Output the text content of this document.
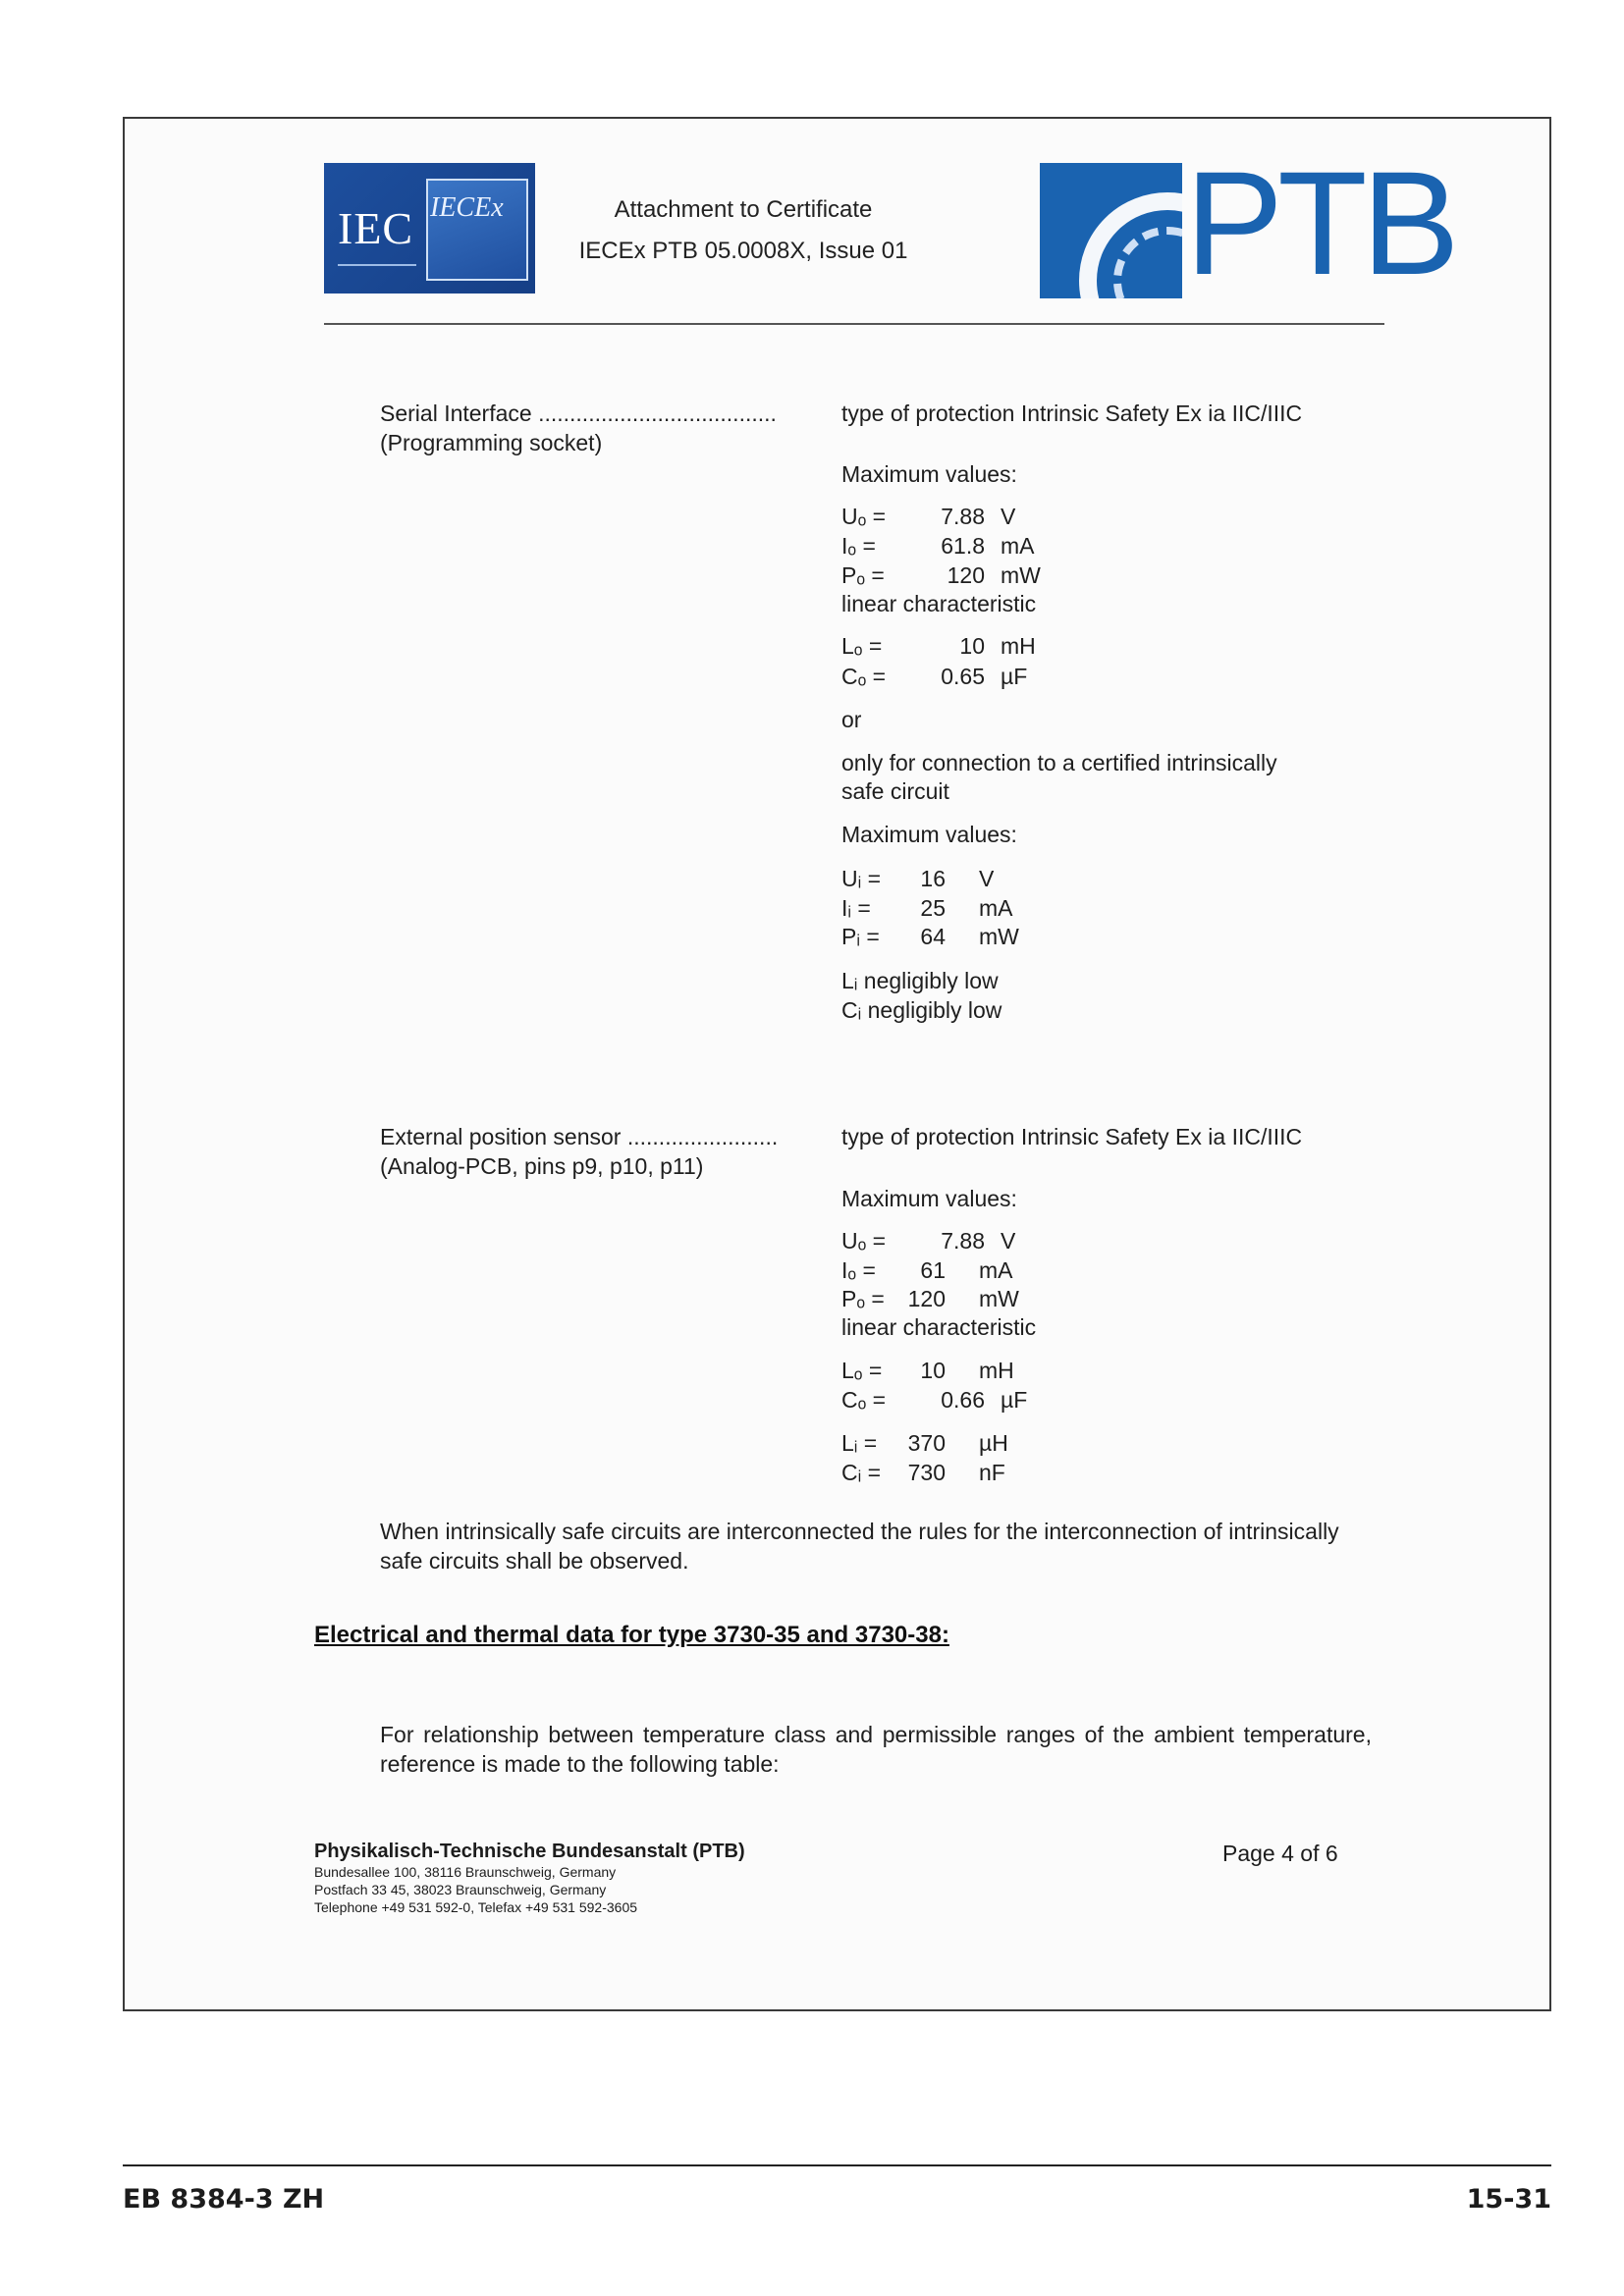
IEC IECEx	Attachment to Certificate
IECEx PTB 05.0008X, Issue 01 PTB
Serial Interface ......................................	type of protection Intrinsic Safety Ex ia IIC/IIIC
(Programming socket)
Maximum values:
Uₒ = 7.88 V
Iₒ =	61.8 mA
Pₒ =	120 mW
linear characteristic
Lₒ =	10 mH
Cₒ = 0.65 µF
or
only for connection to a certified intrinsically
safe circuit
Maximum values:
Uᵢ = 16 V
Iᵢ = 25 mA
Pᵢ = 64 mW
Lᵢ negligibly low
Cᵢ negligibly low
External position sensor ........................	type of protection Intrinsic Safety Ex ia IIC/IIIC
(Analog-PCB, pins p9, p10, p11)
Maximum values:
Uₒ = 7.88 V
Iₒ = 61 mA
Pₒ = 120 mW
linear characteristic
Lₒ = 10 mH
Cₒ = 0.66 µF
Lᵢ = 370 µH
Cᵢ = 730 nF
When intrinsically safe circuits are interconnected the rules for the interconnection of intrinsically safe circuits shall be observed.
Electrical and thermal data for type 3730-35 and 3730-38:
For relationship between temperature class and permissible ranges of the ambient temperature, reference is made to the following table:
Physikalisch-Technische Bundesanstalt (PTB)
Bundesallee 100, 38116 Braunschweig, Germany
Postfach 33 45, 38023 Braunschweig, Germany
Telephone +49 531 592-0, Telefax +49 531 592-3605
Page 4 of 6
EB 8384-3 ZH	15-31
